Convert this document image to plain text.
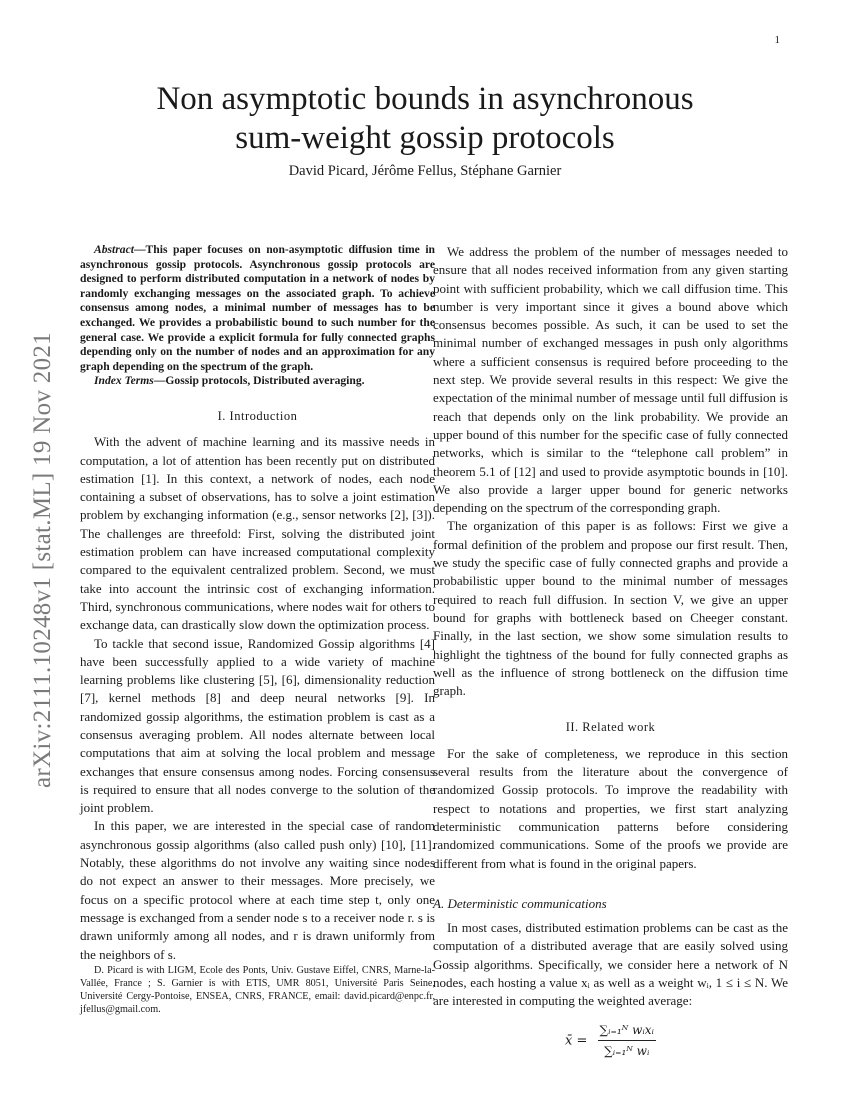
1
arXiv:2111.10248v1 [stat.ML] 19 Nov 2021
Non asymptotic bounds in asynchronous
sum-weight gossip protocols
David Picard, Jérôme Fellus, Stéphane Garnier

Abstract—This paper focuses on non-asymptotic diffusion time in asynchronous gossip protocols. Asynchronous gossip protocols are designed to perform distributed computation in a network of nodes by randomly exchanging messages on the associated graph. To achieve consensus among nodes, a minimal number of messages has to be exchanged. We provides a probabilistic bound to such number for the general case. We provide a explicit formula for fully connected graphs depending only on the number of nodes and an approximation for any graph depending on the spectrum of the graph.

Index Terms—Gossip protocols, Distributed averaging.

I. Introduction

With the advent of machine learning and its massive needs in computation, a lot of attention has been recently put on distributed estimation [1]. In this context, a network of nodes, each node containing a subset of observations, has to solve a joint estimation problem by exchanging information (e.g., sensor networks [2], [3]). The challenges are threefold: First, solving the distributed joint estimation problem can have increased computational complexity compared to the equivalent centralized problem. Second, we must take into account the intrinsic cost of exchanging information. Third, synchronous communications, where nodes wait for others to exchange data, can drastically slow down the optimization process.

To tackle that second issue, Randomized Gossip algorithms [4] have been successfully applied to a wide variety of machine learning problems like clustering [5], [6], dimensionality reduction [7], kernel methods [8] and deep neural networks [9]. In randomized gossip algorithms, the estimation problem is cast as a consensus averaging problem. All nodes alternate between local computations that aim at solving the local problem and message exchanges that ensure consensus among nodes. Forcing consensus is required to ensure that all nodes converge to the solution of the joint problem.

In this paper, we are interested in the special case of random asynchronous gossip algorithms (also called push only) [10], [11]. Notably, these algorithms do not involve any waiting since nodes do not expect an answer to their messages. More precisely, we focus on a specific protocol where at each time step t, only one message is exchanged from a sender node s to a receiver node r. s is drawn uniformly among all nodes, and r is drawn uniformly from the neighbors of s.

D. Picard is with LIGM, Ecole des Ponts, Univ. Gustave Eiffel, CNRS, Marne-la-Vallée, France ; S. Garnier is with ETIS, UMR 8051, Université Paris Seine, Université Cergy-Pontoise, ENSEA, CNRS, FRANCE, email: david.picard@enpc.fr, jfellus@gmail.com.

We address the problem of the number of messages needed to ensure that all nodes received information from any given starting point with sufficient probability, which we call diffusion time. This number is very important since it gives a bound above which consensus becomes possible. As such, it can be used to set the minimal number of exchanged messages in push only algorithms where a sufficient consensus is required before proceeding to the next step. We provide several results in this respect: We give the expectation of the minimal number of message until full diffusion is reach that depends only on the link probability. We provide an upper bound of this number for the specific case of fully connected networks, which is similar to the “telephone call problem” in theorem 5.1 of [12] and used to provide asymptotic bounds in [10]. We also provide a larger upper bound for generic networks depending on the spectrum of the corresponding graph.

The organization of this paper is as follows: First we give a formal definition of the problem and propose our first result. Then, we study the specific case of fully connected graphs and provide a probabilistic upper bound to the minimal number of messages required to reach full diffusion. In section V, we give an upper bound for graphs with bottleneck based on Cheeger constant. Finally, in the last section, we show some simulation results to highlight the tightness of the bound for fully connected graphs as well as the influence of strong bottleneck on the diffusion time graph.

II. Related work

For the sake of completeness, we reproduce in this section several results from the literature about the convergence of randomized Gossip protocols. To improve the readability with respect to notations and properties, we first start analyzing deterministic communication patterns before considering randomized communications. Some of the proofs we provide are different from what is found in the original papers.

A. Deterministic communications

In most cases, distributed estimation problems can be cast as the computation of a distributed average that are easily solved using Gossip algorithms. Specifically, we consider here a network of N nodes, each hosting a value xᵢ as well as a weight wᵢ, 1 ≤ i ≤ N. We are interested in computing the weighted average:

x̄ = $\frac{\text{∑ᵢ₌₁ᴺ wᵢxᵢ}}{\text{∑ᵢ₌₁ᴺ wᵢ}}$
